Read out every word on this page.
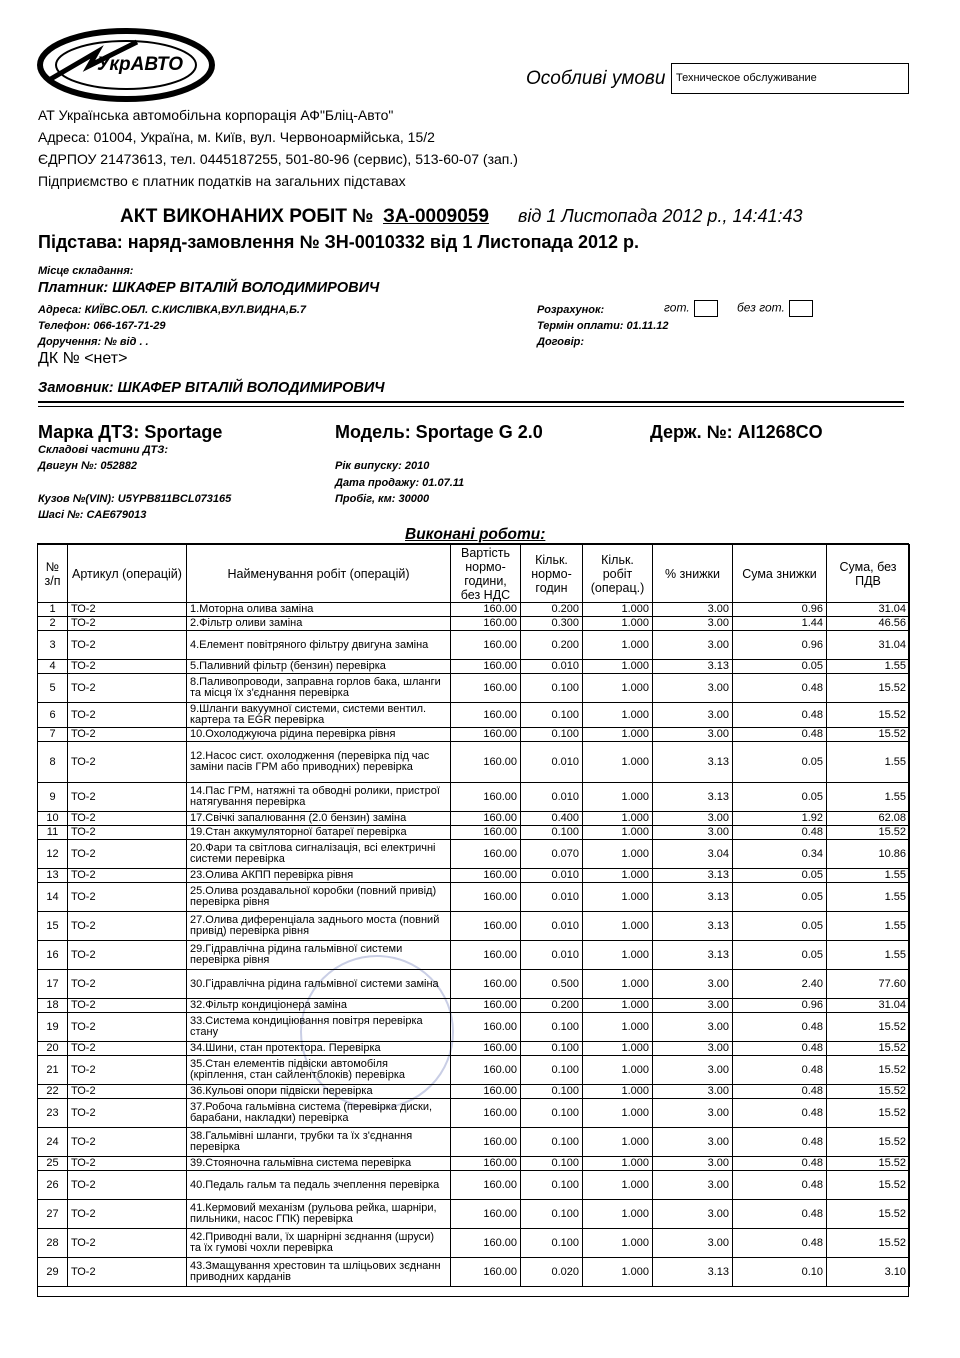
УкрАВТО
Особливі умови Техническое обслуживание
АТ Українська автомобільна корпорація АФ"Бліц-Авто"
Адреса: 01004, Україна, м. Київ, вул. Червоноармійська, 15/2
ЄДРПОУ 21473613, тел. 0445187255, 501-80-96 (сервис), 513-60-07 (зап.)
Підприємство є платник податків на загальних підставах
АКТ ВИКОНАНИХ РОБІТ № ЗА-0009059 від 1 Листопада 2012 р., 14:41:43
Підстава: наряд-замовлення № ЗН-0010332 від 1 Листопада 2012 р.
Місце складання:
Платник: ШКАФЕР ВІТАЛІЙ ВОЛОДИМИРОВИЧ
Адреса: КИЇВС.ОБЛ. С.КИСЛІВКА,ВУЛ.ВИДНА,Б.7
Телефон: 066-167-71-29
Доручення: № від . .
Розрахунок:	гот.	без гот.
Термін оплати: 01.11.12
Договір:
ДК № <нет>
Замовник: ШКАФЕР ВІТАЛІЙ ВОЛОДИМИРОВИЧ
Марка ДТЗ: Sportage	Модель: Sportage G 2.0	Держ. №: AI1268CO
Складові частини ДТЗ:
Двигун №: 052882	Рік випуску: 2010
Дата продажу: 01.07.11
Кузов №(VIN): U5YPB811BCL073165	Пробіг, км: 30000
Шасі №: CAE679013
Виконані роботи:
№ з/п	Артикул (операцій)	Найменування робіт (операцій)	Вартість нормо-години, без НДС	Кільк. нормо-годин	Кільк. робіт (операц.)	% знижки	Сума знижки	Сума, без ПДВ
1	ТО-2	1.Моторна олива заміна	160.00	0.200	1.000	3.00	0.96	31.04
2	ТО-2	2.Фільтр оливи заміна	160.00	0.300	1.000	3.00	1.44	46.56
3	ТО-2	4.Елемент повітряного фільтру двигуна заміна	160.00	0.200	1.000	3.00	0.96	31.04
4	ТО-2	5.Паливний фільтр (бензин) перевірка	160.00	0.010	1.000	3.13	0.05	1.55
5	ТО-2	8.Паливопроводи, заправна горлов бака, шланги та місця їх з'єднання перевірка	160.00	0.100	1.000	3.00	0.48	15.52
6	ТО-2	9.Шланги вакуумної системи, системи вентил. картера та EGR перевірка	160.00	0.100	1.000	3.00	0.48	15.52
7	ТО-2	10.Охолоджуюча рідина перевірка рівня	160.00	0.100	1.000	3.00	0.48	15.52
8	ТО-2	12.Насос сист. охолодження (перевірка під час заміни пасів ГРМ або приводних) перевірка	160.00	0.010	1.000	3.13	0.05	1.55
9	ТО-2	14.Пас ГРМ, натяжні та обводні ролики, пристрої натягування перевірка	160.00	0.010	1.000	3.13	0.05	1.55
10	ТО-2	17.Свічкі запалювання (2.0 бензин) заміна	160.00	0.400	1.000	3.00	1.92	62.08
11	ТО-2	19.Стан аккумуляторної батареї перевірка	160.00	0.100	1.000	3.00	0.48	15.52
12	ТО-2	20.Фари та світлова сигналізація, всі електричні системи перевірка	160.00	0.070	1.000	3.04	0.34	10.86
13	ТО-2	23.Олива АКПП перевірка рівня	160.00	0.010	1.000	3.13	0.05	1.55
14	ТО-2	25.Олива роздавальної коробки (повний привід) перевірка рівня	160.00	0.010	1.000	3.13	0.05	1.55
15	ТО-2	27.Олива диференціала заднього моста (повний привід) перевірка рівня	160.00	0.010	1.000	3.13	0.05	1.55
16	ТО-2	29.Гідравлічна рідина гальмівної системи перевірка рівня	160.00	0.010	1.000	3.13	0.05	1.55
17	ТО-2	30.Гідравлічна рідина гальмівної системи заміна	160.00	0.500	1.000	3.00	2.40	77.60
18	ТО-2	32.Фільтр кондиціонера заміна	160.00	0.200	1.000	3.00	0.96	31.04
19	ТО-2	33.Система кондиціювання повітря перевірка стану	160.00	0.100	1.000	3.00	0.48	15.52
20	ТО-2	34.Шини, стан протектора. Перевірка	160.00	0.100	1.000	3.00	0.48	15.52
21	ТО-2	35.Стан елементів підвіски автомобіля (кріплення, стан сайлентблоків) перевірка	160.00	0.100	1.000	3.00	0.48	15.52
22	ТО-2	36.Кульові опори підвіски перевірка	160.00	0.100	1.000	3.00	0.48	15.52
23	ТО-2	37.Робоча гальмівна система (перевірка диски, барабани, накладки) перевірка	160.00	0.100	1.000	3.00	0.48	15.52
24	ТО-2	38.Гальмівні шланги, трубки та їх з'єднання перевірка	160.00	0.100	1.000	3.00	0.48	15.52
25	ТО-2	39.Стояночна гальмівна система перевірка	160.00	0.100	1.000	3.00	0.48	15.52
26	ТО-2	40.Педаль гальм та педаль зчеплення перевірка	160.00	0.100	1.000	3.00	0.48	15.52
27	ТО-2	41.Кермовий механізм (рульова рейка, шарніри, пильники, насос ГПК) перевірка	160.00	0.100	1.000	3.00	0.48	15.52
28	ТО-2	42.Приводні вали, їх шарнірні зєднання (шруси) та їх гумові чохли перевірка	160.00	0.100	1.000	3.00	0.48	15.52
29	ТО-2	43.Змащування хрестовин та шліцьових зєднанн приводних карданів	160.00	0.020	1.000	3.13	0.10	3.10
